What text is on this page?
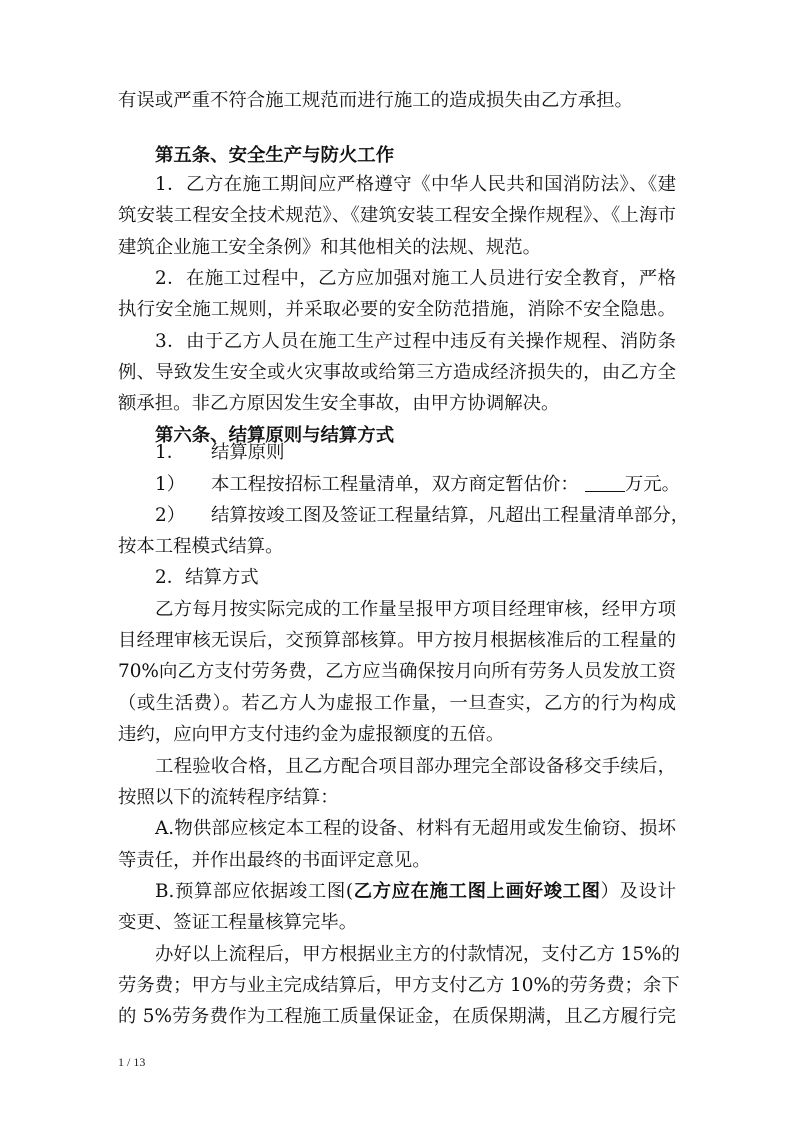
有误或严重不符合施工规范而进行施工的造成损失由乙方承担。
第五条、安全生产与防火工作
1．乙方在施工期间应严格遵守《中华人民共和国消防法》、《建
筑安装工程安全技术规范》、《建筑安装工程安全操作规程》、《上海市
建筑企业施工安全条例》和其他相关的法规、规范。
2．在施工过程中，乙方应加强对施工人员进行安全教育，严格
执行安全施工规则，并采取必要的安全防范措施，消除不安全隐患。
3．由于乙方人员在施工生产过程中违反有关操作规程、消防条
例、导致发生安全或火灾事故或给第三方造成经济损失的，由乙方全
额承担。非乙方原因发生安全事故，由甲方协调解决。
第六条、结算原则与结算方式
1． 结算原则
1） 本工程按招标工程量清单，双方商定暂估价：	万元。
2） 结算按竣工图及签证工程量结算，凡超出工程量清单部分，
按本工程模式结算。
2．结算方式
乙方每月按实际完成的工作量呈报甲方项目经理审核，经甲方项
目经理审核无误后，交预算部核算。甲方按月根据核准后的工程量的
70%向乙方支付劳务费，乙方应当确保按月向所有劳务人员发放工资
（或生活费）。若乙方人为虚报工作量，一旦查实，乙方的行为构成
违约，应向甲方支付违约金为虚报额度的五倍。
工程验收合格，且乙方配合项目部办理完全部设备移交手续后，
按照以下的流转程序结算：
A.物供部应核定本工程的设备、材料有无超用或发生偷窃、损坏
等责任，并作出最终的书面评定意见。
B.预算部应依据竣工图(乙方应在施工图上画好竣工图）及设计
变更、签证工程量核算完毕。
办好以上流程后，甲方根据业主方的付款情况，支付乙方 15%的
劳务费；甲方与业主完成结算后，甲方支付乙方 10%的劳务费；余下
的 5%劳务费作为工程施工质量保证金，在质保期满，且乙方履行完
1 / 13
